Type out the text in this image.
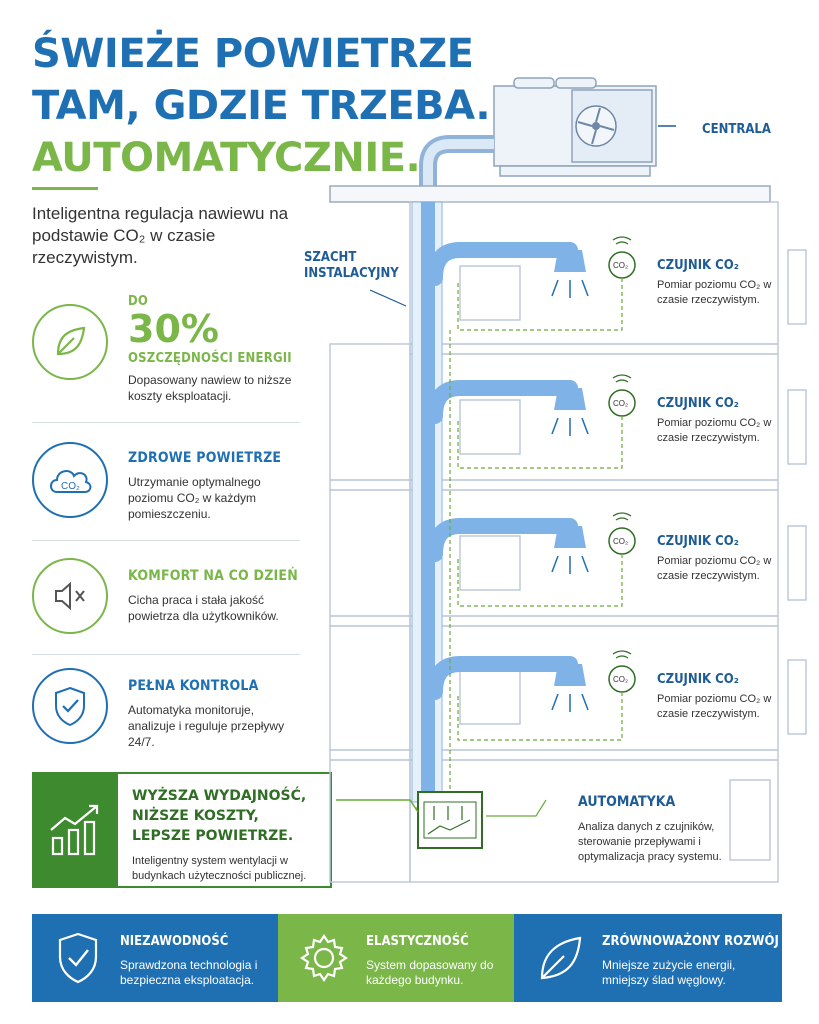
ŚWIEŻE POWIETRZE
TAM, GDZIE TRZEBA.
AUTOMATYCZNIE.
Inteligentna regulacja nawiewu na podstawie CO₂ w czasie rzeczywistym.
DO
30%
OSZCZĘDNOŚCI ENERGII
Dopasowany nawiew to niższe koszty eksploatacji.
CO₂
ZDROWE POWIETRZE
Utrzymanie optymalnego poziomu CO₂ w każdym pomieszczeniu.
KOMFORT NA CO DZIEŃ
Cicha praca i stała jakość powietrza dla użytkowników.
PEŁNA KONTROLA
Automatyka monitoruje, analizuje i reguluje przepływy 24/7.
WYŻSZA WYDAJNOŚĆ,
NIŻSZE KOSZTY,
LEPSZE POWIETRZE.
Inteligentny system wentylacji w budynkach użyteczności publicznej.
CO₂
CO₂
CO₂
CO₂
CENTRALA
SZACHT
INSTALACYJNY
CZUJNIK CO₂
Pomiar poziomu CO₂ w czasie rzeczywistym.
CZUJNIK CO₂
Pomiar poziomu CO₂ w czasie rzeczywistym.
CZUJNIK CO₂
Pomiar poziomu CO₂ w czasie rzeczywistym.
CZUJNIK CO₂
Pomiar poziomu CO₂ w czasie rzeczywistym.
AUTOMATYKA
Analiza danych z czujników, sterowanie przepływami i optymalizacja pracy systemu.
NIEZAWODNOŚĆ
Sprawdzona technologia i bezpieczna eksploatacja.
ELASTYCZNOŚĆ
System dopasowany do każdego budynku.
ZRÓWNOWAŻONY ROZWÓJ
Mniejsze zużycie energii, mniejszy ślad węglowy.
